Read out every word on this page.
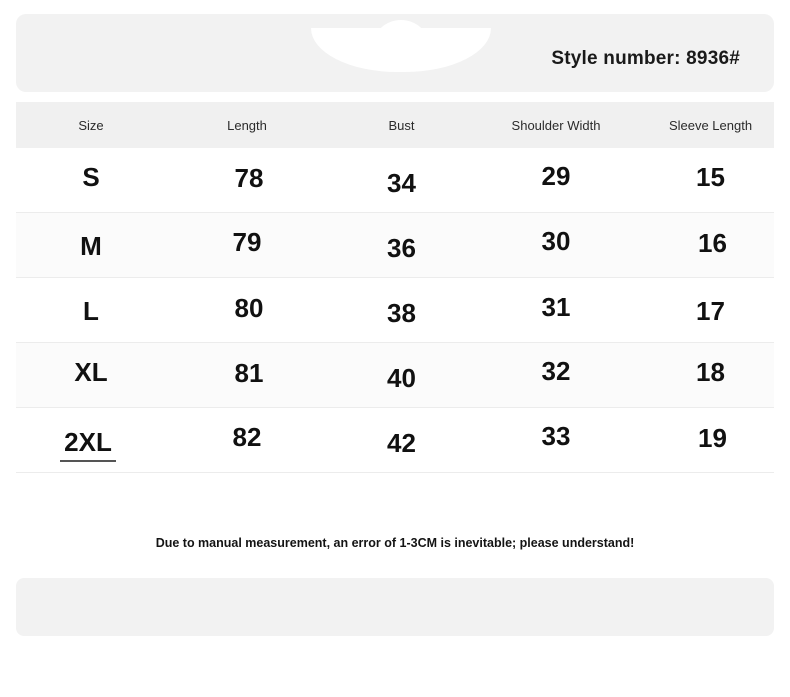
Style number: 8936#
Size	Length	Bust	Shoulder Width	Sleeve Length
S	78	34	29	15
M	79	36	30	16
L	80	38	31	17
XL	81	40	32	18
2XL	82	42	33	19
Due to manual measurement, an error of 1-3CM is inevitable; please understand!
